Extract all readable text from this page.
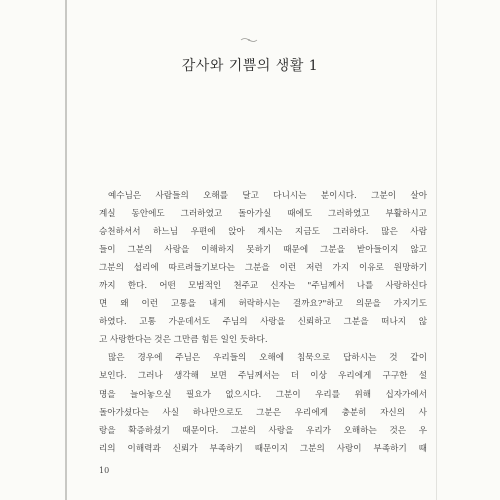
감사와 기쁨의 생활 1
예수님은 사람들의 오해를 달고 다니시는 분이시다. 그분이 살아
계실 동안에도 그러하였고 돌아가실 때에도 그러하였고 부활하시고
승천하셔서 하느님 우편에 앉아 계시는 지금도 그러하다. 많은 사람
들이 그분의 사랑을 이해하지 못하기 때문에 그분을 받아들이지 않고
그분의 섭리에 따르려들기보다는 그분을 이런 저런 가지 이유로 원망하기
까지 한다. 어떤 모범적인 천주교 신자는 "주님께서 나를 사랑하신다
면 왜 이런 고통을 내게 허락하시는 걸까요?"하고 의문을 가지기도
하였다. 고통 가운데서도 주님의 사랑을 신뢰하고 그분을 떠나지 않
고 사랑한다는 것은 그만큼 힘든 일인 듯하다.
많은 경우에 주님은 우리들의 오해에 침묵으로 답하시는 것 같이
보인다. 그러나 생각해 보면 주님께서는 더 이상 우리에게 구구한 설
명을 늘어놓으실 필요가 없으시다. 그분이 우리를 위해 십자가에서
돌아가셨다는 사실 하나만으로도 그분은 우리에게 충분히 자신의 사
랑을 확증하셨기 때문이다. 그분의 사랑을 우리가 오해하는 것은 우
리의 이해력과 신뢰가 부족하기 때문이지 그분의 사랑이 부족하기 때
10
